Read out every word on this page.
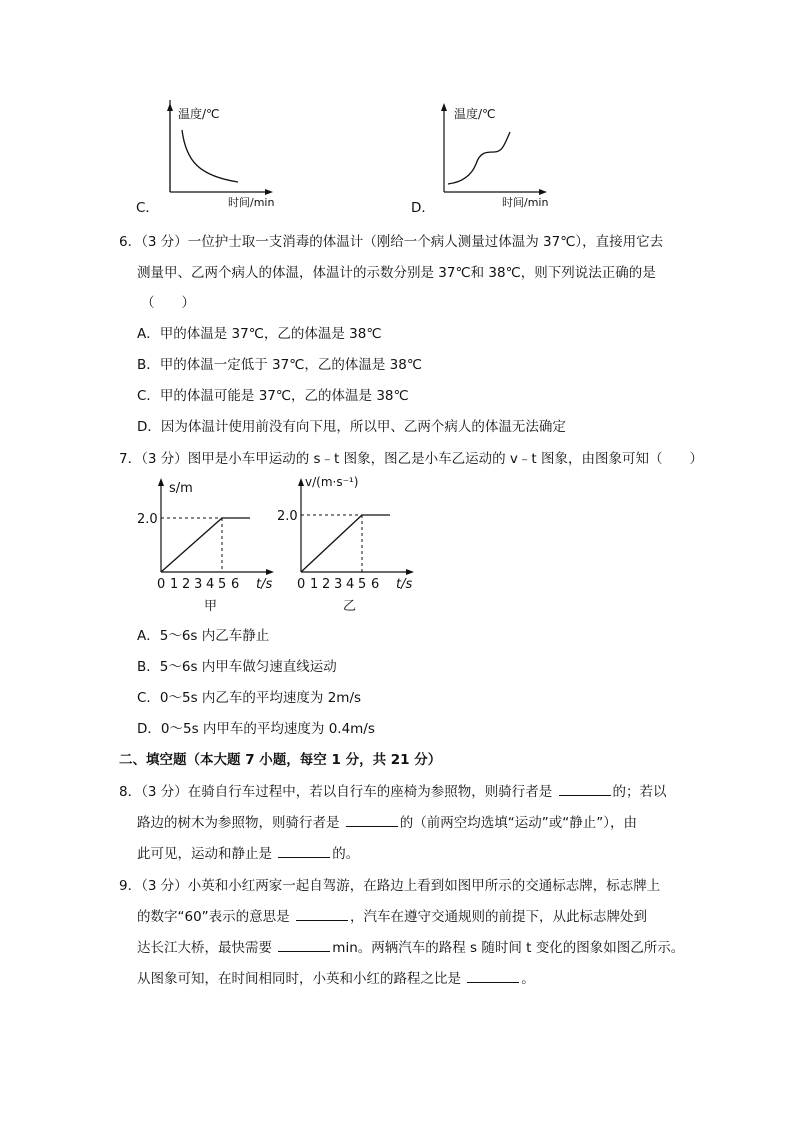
温度/℃
时间/min
C．
温度/℃
时间/min
D．
6．（3 分）一位护士取一支消毒的体温计（刚给一个病人测量过体温为 37℃），直接用它去
测量甲、乙两个病人的体温，体温计的示数分别是 37℃和 38℃，则下列说法正确的是
（　　）
A．甲的体温是 37℃，乙的体温是 38℃
B．甲的体温一定低于 37℃，乙的体温是 38℃
C．甲的体温可能是 37℃，乙的体温是 38℃
D．因为体温计使用前没有向下甩，所以甲、乙两个病人的体温无法确定
7．（3 分）图甲是小车甲运动的 s﹣t 图象，图乙是小车乙运动的 v﹣t 图象，由图象可知（　　）
s/m
2.0
0 1 2 3 4 5 6 t/s
甲
v/(m·s⁻¹)
2.0
0 1 2 3 4 5 6 t/s
乙
A．5～6s 内乙车静止
B．5～6s 内甲车做匀速直线运动
C．0～5s 内乙车的平均速度为 2m/s
D．0～5s 内甲车的平均速度为 0.4m/s
二、填空题（本大题 7 小题，每空 1 分，共 21 分）
8．（3 分）在骑自行车过程中，若以自行车的座椅为参照物，则骑行者是	的；若以
路边的树木为参照物，则骑行者是	的（前两空均选填“运动”或“静止”），由
此可见，运动和静止是	的。
9．（3 分）小英和小红两家一起自驾游，在路边上看到如图甲所示的交通标志牌，标志牌上
的数字“60”表示的意思是	，汽车在遵守交通规则的前提下，从此标志牌处到
达长江大桥，最快需要	min。两辆汽车的路程 s 随时间 t 变化的图象如图乙所示。
从图象可知，在时间相同时，小英和小红的路程之比是	。
